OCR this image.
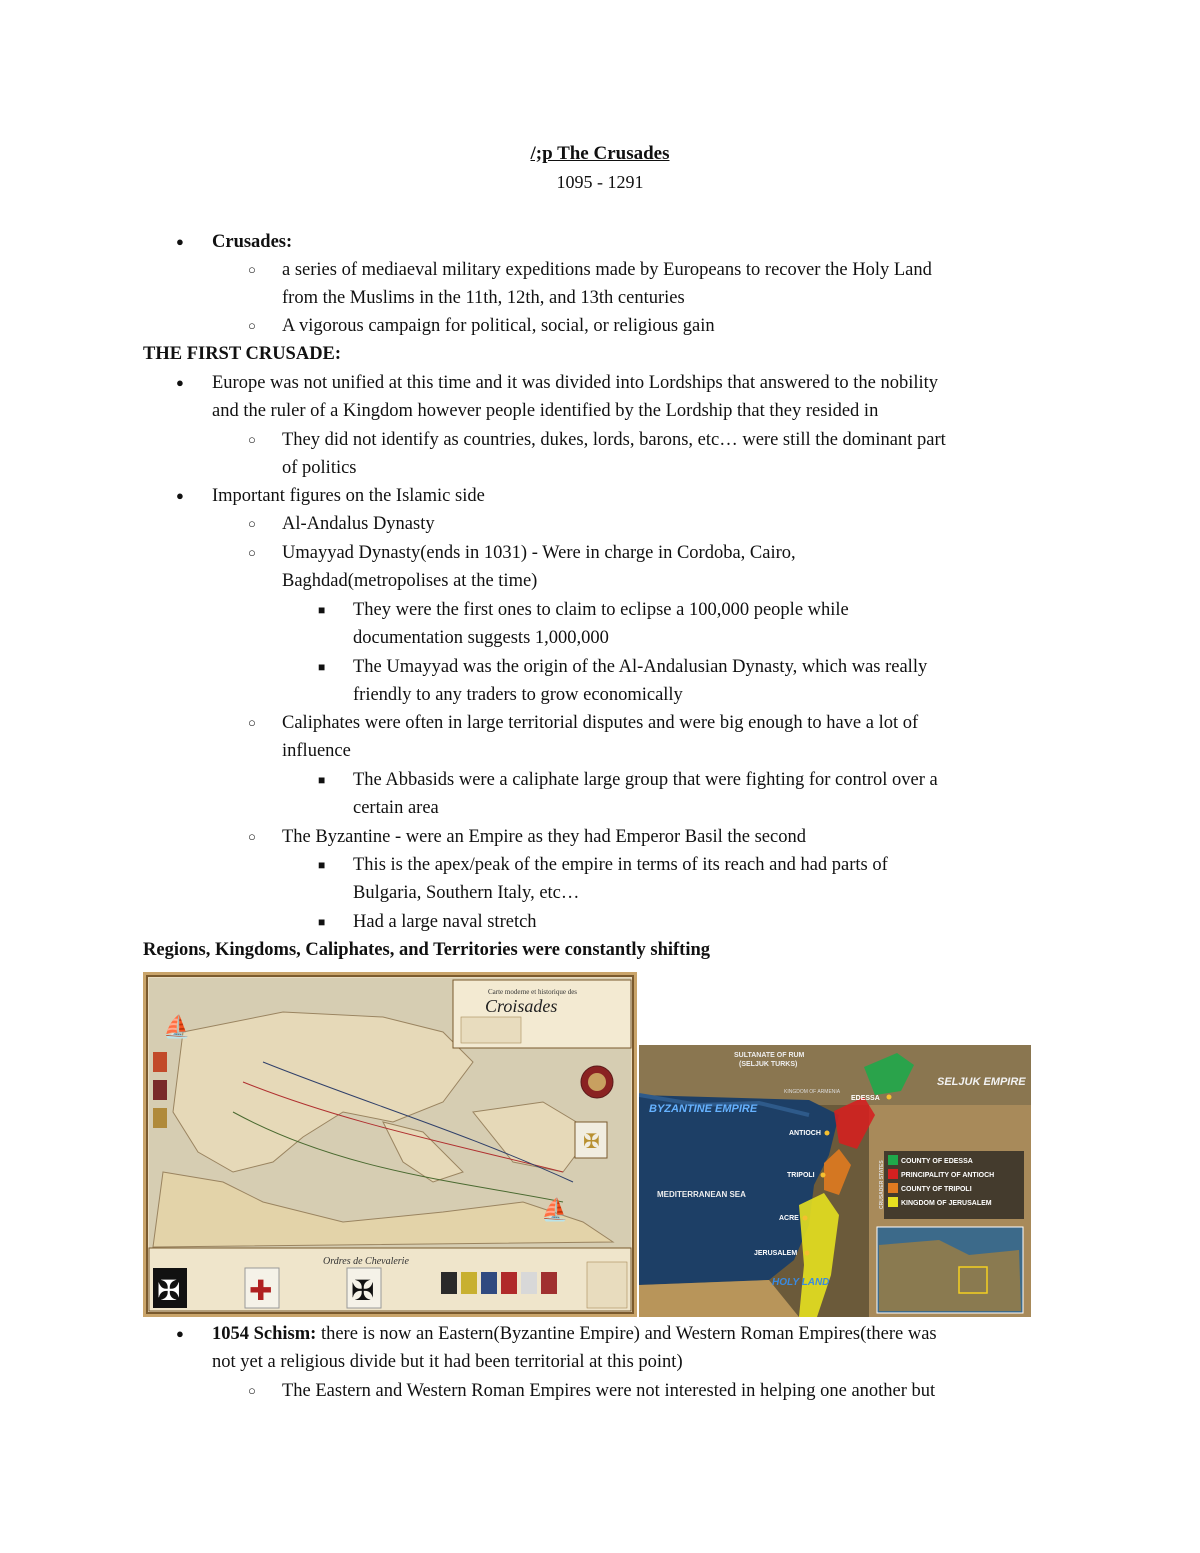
/;p The Crusades
1095 - 1291
● Crusades:
○ a series of mediaeval military expeditions made by Europeans to recover the Holy Land
from the Muslims in the 11th, 12th, and 13th centuries
○ A vigorous campaign for political, social, or religious gain
THE FIRST CRUSADE:
● Europe was not unified at this time and it was divided into Lordships that answered to the nobility
and the ruler of a Kingdom however people identified by the Lordship that they resided in
○ They did not identify as countries, dukes, lords, barons, etc… were still the dominant part
of politics
● Important figures on the Islamic side
○ Al-Andalus Dynasty
○ Umayyad Dynasty(ends in 1031) - Were in charge in Cordoba, Cairo,
Baghdad(metropolises at the time)
■ They were the first ones to claim to eclipse a 100,000 people while
documentation suggests 1,000,000
■ The Umayyad was the origin of the Al-Andalusian Dynasty, which was really
friendly to any traders to grow economically
○ Caliphates were often in large territorial disputes and were big enough to have a lot of
influence
■ The Abbasids were a caliphate large group that were fighting for control over a
certain area
○ The Byzantine - were an Empire as they had Emperor Basil the second
■ This is the apex/peak of the empire in terms of its reach and had parts of
Bulgaria, Southern Italy, etc…
■ Had a large naval stretch
Regions, Kingdoms, Caliphates, and Territories were constantly shifting
Carte moderne et historique des
Croisades
✠
⛵
⛵
Ordres de Chevalerie
✠ ✚	✠
SULTANATE OF RUM
(SELJUK TURKS)
KINGDOM OF ARMENIA
SELJUK EMPIRE
BYZANTINE EMPIRE
EDESSA
ANTIOCH
TRIPOLI
MEDITERRANEAN SEA
ACRE
JERUSALEM
HOLY LAND
CRUSADER STATES COUNTY OF EDESSA
PRINCIPALITY OF ANTIOCH
COUNTY OF TRIPOLI
KINGDOM OF JERUSALEM
● 1054 Schism: there is now an Eastern(Byzantine Empire) and Western Roman Empires(there was
not yet a religious divide but it had been territorial at this point)
○ The Eastern and Western Roman Empires were not interested in helping one another but
